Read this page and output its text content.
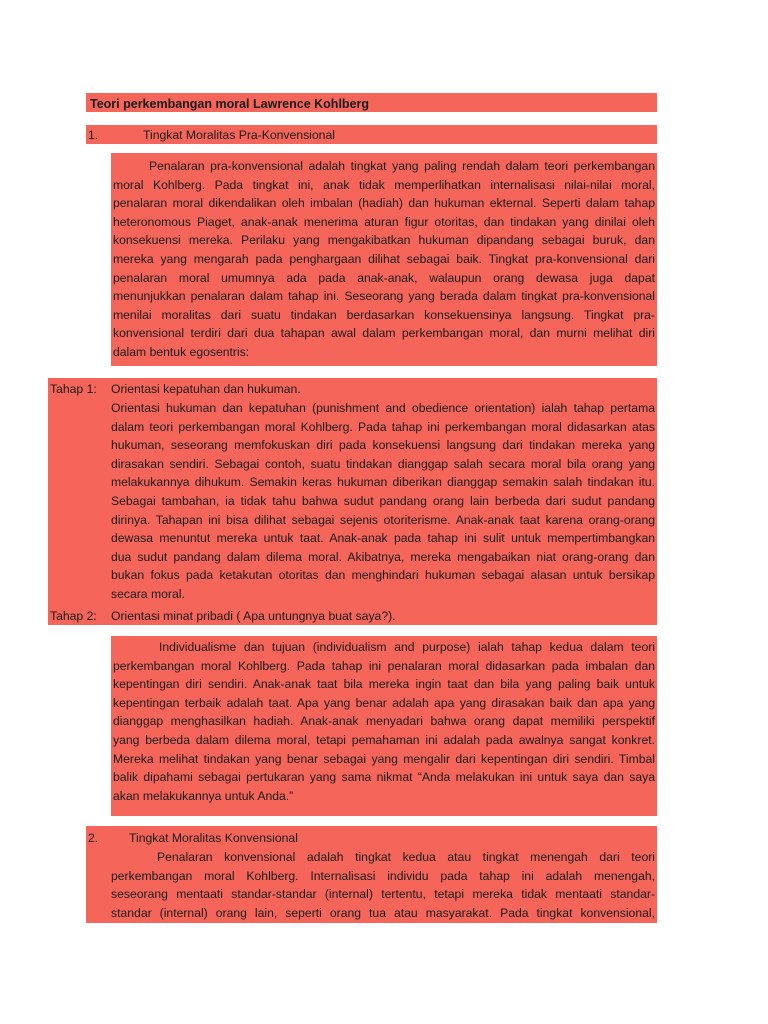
Teori perkembangan moral Lawrence Kohlberg
1.	Tingkat Moralitas Pra-Konvensional
Penalaran pra-konvensional adalah tingkat yang paling rendah dalam teori perkembangan
moral Kohlberg. Pada tingkat ini, anak tidak memperlihatkan internalisasi nilai-nilai moral,
penalaran moral dikendalikan oleh imbalan (hadiah) dan hukuman ekternal. Seperti dalam tahap
heteronomous Piaget, anak-anak menerima aturan figur otoritas, dan tindakan yang dinilai oleh
konsekuensi mereka. Perilaku yang mengakibatkan hukuman dipandang sebagai buruk, dan
mereka yang mengarah pada penghargaan dilihat sebagai baik. Tingkat pra-konvensional dari
penalaran moral umumnya ada pada anak-anak, walaupun orang dewasa juga dapat
menunjukkan penalaran dalam tahap ini. Seseorang yang berada dalam tingkat pra-konvensional
menilai moralitas dari suatu tindakan berdasarkan konsekuensinya langsung. Tingkat pra-
konvensional terdiri dari dua tahapan awal dalam perkembangan moral, dan murni melihat diri
dalam bentuk egosentris:
Tahap 1: Orientasi kepatuhan dan hukuman.
Orientasi hukuman dan kepatuhan (punishment and obedience orientation) ialah tahap pertama
dalam teori perkembangan moral Kohlberg. Pada tahap ini perkembangan moral didasarkan atas
hukuman, seseorang memfokuskan diri pada konsekuensi langsung dari tindakan mereka yang
dirasakan sendiri. Sebagai contoh, suatu tindakan dianggap salah secara moral bila orang yang
melakukannya dihukum. Semakin keras hukuman diberikan dianggap semakin salah tindakan itu.
Sebagai tambahan, ia tidak tahu bahwa sudut pandang orang lain berbeda dari sudut pandang
dirinya. Tahapan ini bisa dilihat sebagai sejenis otoriterisme. Anak-anak taat karena orang-orang
dewasa menuntut mereka untuk taat. Anak-anak pada tahap ini sulit untuk mempertimbangkan
dua sudut pandang dalam dilema moral. Akibatnya, mereka mengabaikan niat orang-orang dan
bukan fokus pada ketakutan otoritas dan menghindari hukuman sebagai alasan untuk bersikap
secara moral.
Tahap 2: Orientasi minat pribadi ( Apa untungnya buat saya?).
Individualisme dan tujuan (individualism and purpose) ialah tahap kedua dalam teori
perkembangan moral Kohlberg. Pada tahap ini penalaran moral didasarkan pada imbalan dan
kepentingan diri sendiri. Anak-anak taat bila mereka ingin taat dan bila yang paling baik untuk
kepentingan terbaik adalah taat. Apa yang benar adalah apa yang dirasakan baik dan apa yang
dianggap menghasilkan hadiah. Anak-anak menyadari bahwa orang dapat memiliki perspektif
yang berbeda dalam dilema moral, tetapi pemahaman ini adalah pada awalnya sangat konkret.
Mereka melihat tindakan yang benar sebagai yang mengalir dari kepentingan diri sendiri. Timbal
balik dipahami sebagai pertukaran yang sama nikmat “Anda melakukan ini untuk saya dan saya
akan melakukannya untuk Anda.”
2.	Tingkat Moralitas Konvensional
Penalaran konvensional adalah tingkat kedua atau tingkat menengah dari teori
perkembangan moral Kohlberg. Internalisasi individu pada tahap ini adalah menengah,
seseorang mentaati standar-standar (internal) tertentu, tetapi mereka tidak mentaati standar-
standar (internal) orang lain, seperti orang tua atau masyarakat. Pada tingkat konvensional,
